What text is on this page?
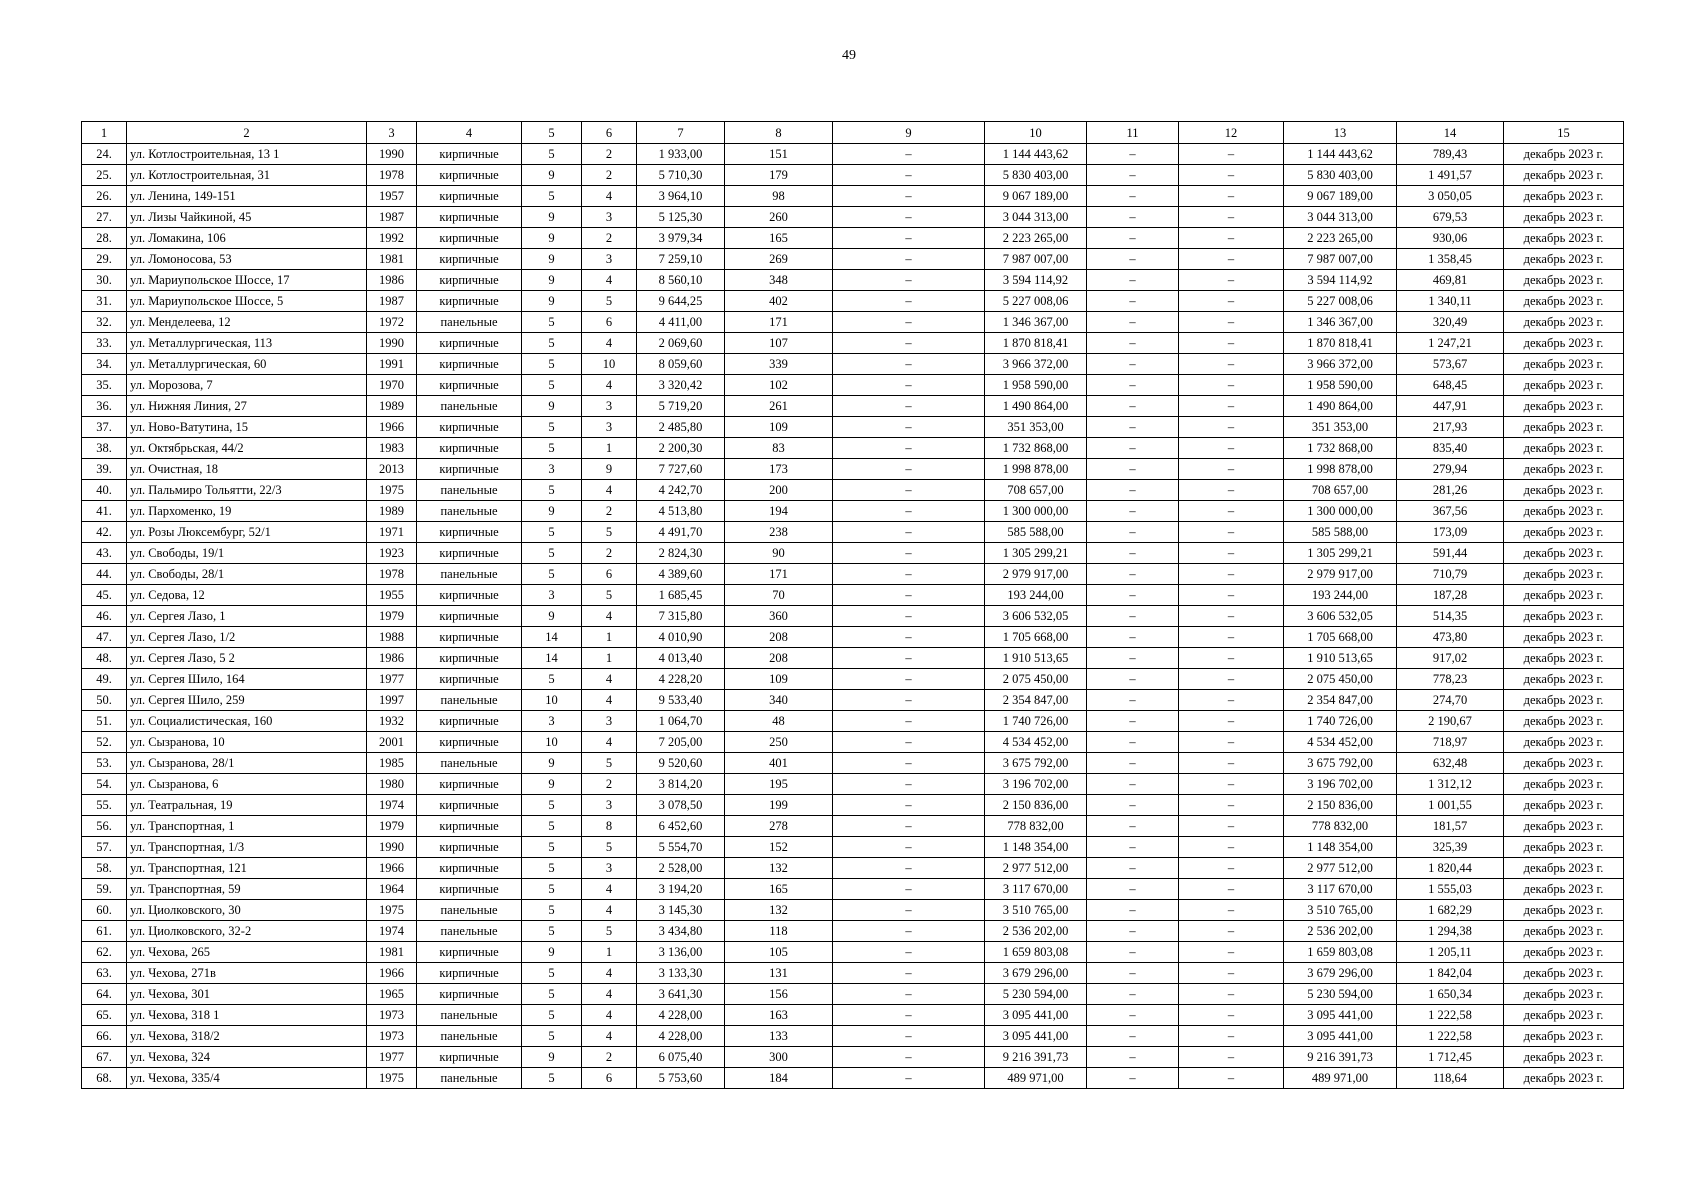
49
1	2	3	4	5	6	7	8	9	10	11	12	13	14	15
24.	ул. Котлостроительная, 13 1	1990	кирпичные	5	2	1 933,00	151	–	1 144 443,62	–	–	1 144 443,62	789,43	декабрь 2023 г.
25.	ул. Котлостроительная, 31	1978	кирпичные	9	2	5 710,30	179	–	5 830 403,00	–	–	5 830 403,00	1 491,57	декабрь 2023 г.
26.	ул. Ленина, 149-151	1957	кирпичные	5	4	3 964,10	98	–	9 067 189,00	–	–	9 067 189,00	3 050,05	декабрь 2023 г.
27.	ул. Лизы Чайкиной, 45	1987	кирпичные	9	3	5 125,30	260	–	3 044 313,00	–	–	3 044 313,00	679,53	декабрь 2023 г.
28.	ул. Ломакина, 106	1992	кирпичные	9	2	3 979,34	165	–	2 223 265,00	–	–	2 223 265,00	930,06	декабрь 2023 г.
29.	ул. Ломоносова, 53	1981	кирпичные	9	3	7 259,10	269	–	7 987 007,00	–	–	7 987 007,00	1 358,45	декабрь 2023 г.
30.	ул. Мариупольское Шоссе, 17	1986	кирпичные	9	4	8 560,10	348	–	3 594 114,92	–	–	3 594 114,92	469,81	декабрь 2023 г.
31.	ул. Мариупольское Шоссе, 5	1987	кирпичные	9	5	9 644,25	402	–	5 227 008,06	–	–	5 227 008,06	1 340,11	декабрь 2023 г.
32.	ул. Менделеева, 12	1972	панельные	5	6	4 411,00	171	–	1 346 367,00	–	–	1 346 367,00	320,49	декабрь 2023 г.
33.	ул. Металлургическая, 113	1990	кирпичные	5	4	2 069,60	107	–	1 870 818,41	–	–	1 870 818,41	1 247,21	декабрь 2023 г.
34.	ул. Металлургическая, 60	1991	кирпичные	5	10	8 059,60	339	–	3 966 372,00	–	–	3 966 372,00	573,67	декабрь 2023 г.
35.	ул. Морозова, 7	1970	кирпичные	5	4	3 320,42	102	–	1 958 590,00	–	–	1 958 590,00	648,45	декабрь 2023 г.
36.	ул. Нижняя Линия, 27	1989	панельные	9	3	5 719,20	261	–	1 490 864,00	–	–	1 490 864,00	447,91	декабрь 2023 г.
37.	ул. Ново-Ватутина, 15	1966	кирпичные	5	3	2 485,80	109	–	351 353,00	–	–	351 353,00	217,93	декабрь 2023 г.
38.	ул. Октябрьская, 44/2	1983	кирпичные	5	1	2 200,30	83	–	1 732 868,00	–	–	1 732 868,00	835,40	декабрь 2023 г.
39.	ул. Очистная, 18	2013	кирпичные	3	9	7 727,60	173	–	1 998 878,00	–	–	1 998 878,00	279,94	декабрь 2023 г.
40.	ул. Пальмиро Тольятти, 22/3	1975	панельные	5	4	4 242,70	200	–	708 657,00	–	–	708 657,00	281,26	декабрь 2023 г.
41.	ул. Пархоменко, 19	1989	панельные	9	2	4 513,80	194	–	1 300 000,00	–	–	1 300 000,00	367,56	декабрь 2023 г.
42.	ул. Розы Люксембург, 52/1	1971	кирпичные	5	5	4 491,70	238	–	585 588,00	–	–	585 588,00	173,09	декабрь 2023 г.
43.	ул. Свободы, 19/1	1923	кирпичные	5	2	2 824,30	90	–	1 305 299,21	–	–	1 305 299,21	591,44	декабрь 2023 г.
44.	ул. Свободы, 28/1	1978	панельные	5	6	4 389,60	171	–	2 979 917,00	–	–	2 979 917,00	710,79	декабрь 2023 г.
45.	ул. Седова, 12	1955	кирпичные	3	5	1 685,45	70	–	193 244,00	–	–	193 244,00	187,28	декабрь 2023 г.
46.	ул. Сергея Лазо, 1	1979	кирпичные	9	4	7 315,80	360	–	3 606 532,05	–	–	3 606 532,05	514,35	декабрь 2023 г.
47.	ул. Сергея Лазо, 1/2	1988	кирпичные	14	1	4 010,90	208	–	1 705 668,00	–	–	1 705 668,00	473,80	декабрь 2023 г.
48.	ул. Сергея Лазо, 5 2	1986	кирпичные	14	1	4 013,40	208	–	1 910 513,65	–	–	1 910 513,65	917,02	декабрь 2023 г.
49.	ул. Сергея Шило, 164	1977	кирпичные	5	4	4 228,20	109	–	2 075 450,00	–	–	2 075 450,00	778,23	декабрь 2023 г.
50.	ул. Сергея Шило, 259	1997	панельные	10	4	9 533,40	340	–	2 354 847,00	–	–	2 354 847,00	274,70	декабрь 2023 г.
51.	ул. Социалистическая, 160	1932	кирпичные	3	3	1 064,70	48	–	1 740 726,00	–	–	1 740 726,00	2 190,67	декабрь 2023 г.
52.	ул. Сызранова, 10	2001	кирпичные	10	4	7 205,00	250	–	4 534 452,00	–	–	4 534 452,00	718,97	декабрь 2023 г.
53.	ул. Сызранова, 28/1	1985	панельные	9	5	9 520,60	401	–	3 675 792,00	–	–	3 675 792,00	632,48	декабрь 2023 г.
54.	ул. Сызранова, 6	1980	кирпичные	9	2	3 814,20	195	–	3 196 702,00	–	–	3 196 702,00	1 312,12	декабрь 2023 г.
55.	ул. Театральная, 19	1974	кирпичные	5	3	3 078,50	199	–	2 150 836,00	–	–	2 150 836,00	1 001,55	декабрь 2023 г.
56.	ул. Транспортная, 1	1979	кирпичные	5	8	6 452,60	278	–	778 832,00	–	–	778 832,00	181,57	декабрь 2023 г.
57.	ул. Транспортная, 1/3	1990	кирпичные	5	5	5 554,70	152	–	1 148 354,00	–	–	1 148 354,00	325,39	декабрь 2023 г.
58.	ул. Транспортная, 121	1966	кирпичные	5	3	2 528,00	132	–	2 977 512,00	–	–	2 977 512,00	1 820,44	декабрь 2023 г.
59.	ул. Транспортная, 59	1964	кирпичные	5	4	3 194,20	165	–	3 117 670,00	–	–	3 117 670,00	1 555,03	декабрь 2023 г.
60.	ул. Циолковского, 30	1975	панельные	5	4	3 145,30	132	–	3 510 765,00	–	–	3 510 765,00	1 682,29	декабрь 2023 г.
61.	ул. Циолковского, 32-2	1974	панельные	5	5	3 434,80	118	–	2 536 202,00	–	–	2 536 202,00	1 294,38	декабрь 2023 г.
62.	ул. Чехова, 265	1981	кирпичные	9	1	3 136,00	105	–	1 659 803,08	–	–	1 659 803,08	1 205,11	декабрь 2023 г.
63.	ул. Чехова, 271в	1966	кирпичные	5	4	3 133,30	131	–	3 679 296,00	–	–	3 679 296,00	1 842,04	декабрь 2023 г.
64.	ул. Чехова, 301	1965	кирпичные	5	4	3 641,30	156	–	5 230 594,00	–	–	5 230 594,00	1 650,34	декабрь 2023 г.
65.	ул. Чехова, 318 1	1973	панельные	5	4	4 228,00	163	–	3 095 441,00	–	–	3 095 441,00	1 222,58	декабрь 2023 г.
66.	ул. Чехова, 318/2	1973	панельные	5	4	4 228,00	133	–	3 095 441,00	–	–	3 095 441,00	1 222,58	декабрь 2023 г.
67.	ул. Чехова, 324	1977	кирпичные	9	2	6 075,40	300	–	9 216 391,73	–	–	9 216 391,73	1 712,45	декабрь 2023 г.
68.	ул. Чехова, 335/4	1975	панельные	5	6	5 753,60	184	–	489 971,00	–	–	489 971,00	118,64	декабрь 2023 г.
